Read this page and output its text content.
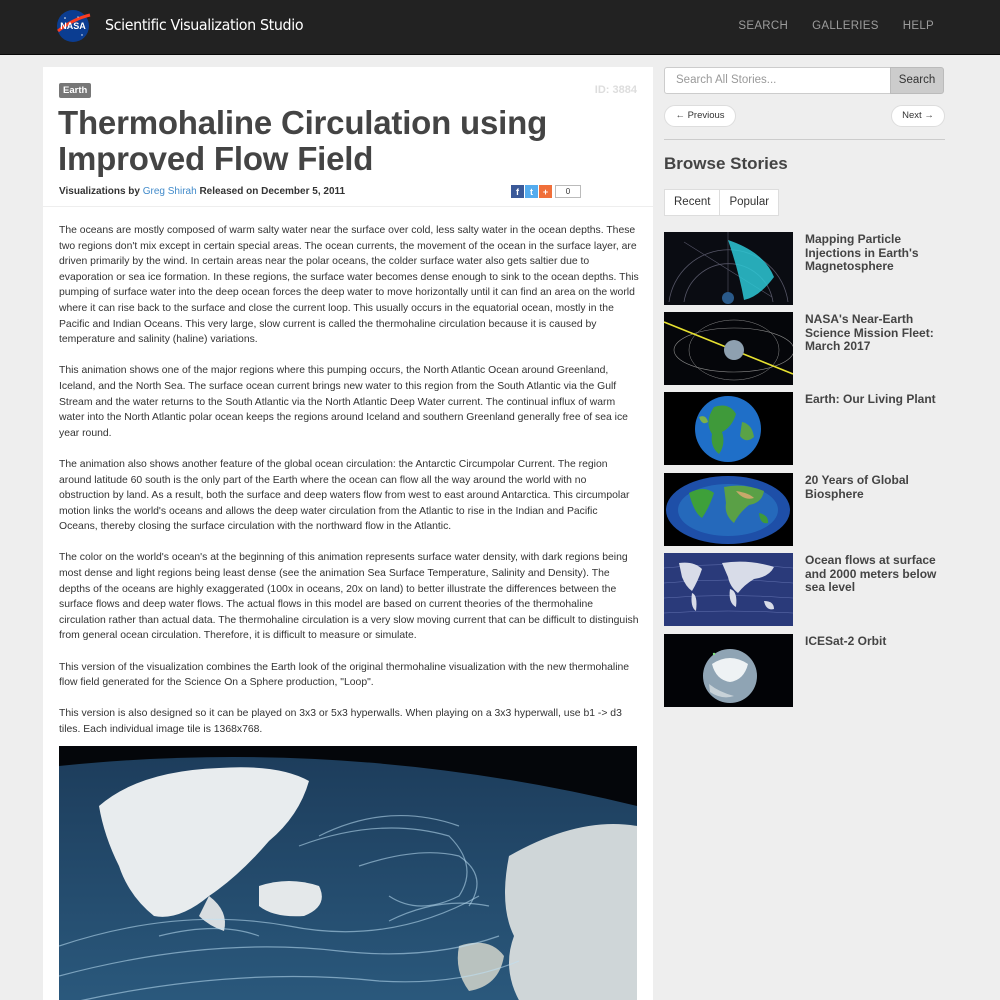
NASA Scientific Visualization Studio	SEARCH GALLERIES HELP
Earth	ID: 3884
Thermohaline Circulation using Improved Flow Field
Visualizations by Greg Shirah Released on December 5, 2011	f	t	+	0

The oceans are mostly composed of warm salty water near the surface over cold, less salty water in the ocean depths. These two regions don't mix except in certain special areas. The ocean currents, the movement of the ocean in the surface layer, are driven primarily by the wind. In certain areas near the polar oceans, the colder surface water also gets saltier due to evaporation or sea ice formation. In these regions, the surface water becomes dense enough to sink to the ocean depths. This pumping of surface water into the deep ocean forces the deep water to move horizontally until it can find an area on the world where it can rise back to the surface and close the current loop. This usually occurs in the equatorial ocean, mostly in the Pacific and Indian Oceans. This very large, slow current is called the thermohaline circulation because it is caused by temperature and salinity (haline) variations.

This animation shows one of the major regions where this pumping occurs, the North Atlantic Ocean around Greenland, Iceland, and the North Sea. The surface ocean current brings new water to this region from the South Atlantic via the Gulf Stream and the water returns to the South Atlantic via the North Atlantic Deep Water current. The continual influx of warm water into the North Atlantic polar ocean keeps the regions around Iceland and southern Greenland generally free of sea ice year round.

The animation also shows another feature of the global ocean circulation: the Antarctic Circumpolar Current. The region around latitude 60 south is the only part of the Earth where the ocean can flow all the way around the world with no obstruction by land. As a result, both the surface and deep waters flow from west to east around Antarctica. This circumpolar motion links the world's oceans and allows the deep water circulation from the Atlantic to rise in the Indian and Pacific Oceans, thereby closing the surface circulation with the northward flow in the Atlantic.

The color on the world's ocean's at the beginning of this animation represents surface water density, with dark regions being most dense and light regions being least dense (see the animation Sea Surface Temperature, Salinity and Density). The depths of the oceans are highly exaggerated (100x in oceans, 20x on land) to better illustrate the differences between the surface flows and deep water flows. The actual flows in this model are based on current theories of the thermohaline circulation rather than actual data. The thermohaline circulation is a very slow moving current that can be difficult to distinguish from general ocean circulation. Therefore, it is difficult to measure or simulate.

This version of the visualization combines the Earth look of the original thermohaline visualization with the new thermohaline flow field generated for the Science On a Sphere production, "Loop".

This version is also designed so it can be played on 3x3 or 5x3 hyperwalls. When playing on a 3x3 hyperwall, use b1 -> d3 tiles. Each individual image tile is 1368x768.

Search All Stories...	Search
← Previous	Next →
Browse Stories
Recent	Popular
Mapping Particle Injections in Earth's Magnetosphere
NASA's Near-Earth Science Mission Fleet: March 2017
Earth: Our Living Plant
20 Years of Global Biosphere
Ocean flows at surface and 2000 meters below sea level
ICESat-2 Orbit
